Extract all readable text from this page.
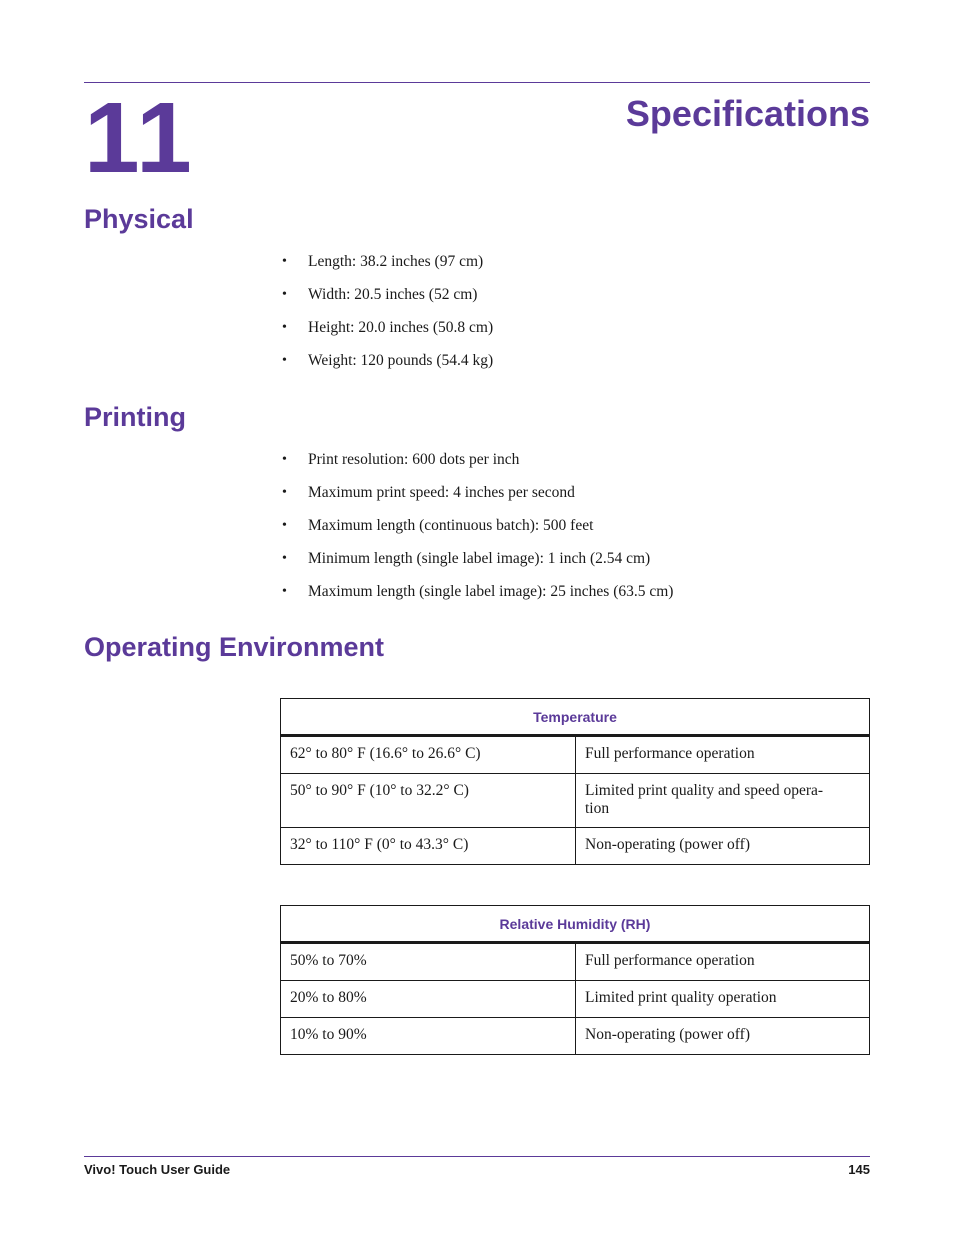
11	Specifications
Physical
• Length: 38.2 inches (97 cm)
• Width: 20.5 inches (52 cm)
• Height: 20.0 inches (50.8 cm)
• Weight: 120 pounds (54.4 kg)
Printing
• Print resolution: 600 dots per inch
• Maximum print speed: 4 inches per second
• Maximum length (continuous batch): 500 feet
• Minimum length (single label image): 1 inch (2.54 cm)
• Maximum length (single label image): 25 inches (63.5 cm)
Operating Environment
Temperature	
62° to 80° F (16.6° to 26.6° C)	Full performance operation
50° to 90° F (10° to 32.2° C)	Limited print quality and speed opera-
tion
32° to 110° F (0° to 43.3° C)	Non-operating (power off)
Relative Humidity (RH)	
50% to 70%	Full performance operation
20% to 80%	Limited print quality operation
10% to 90%	Non-operating (power off)
Vivo! Touch User Guide	145
